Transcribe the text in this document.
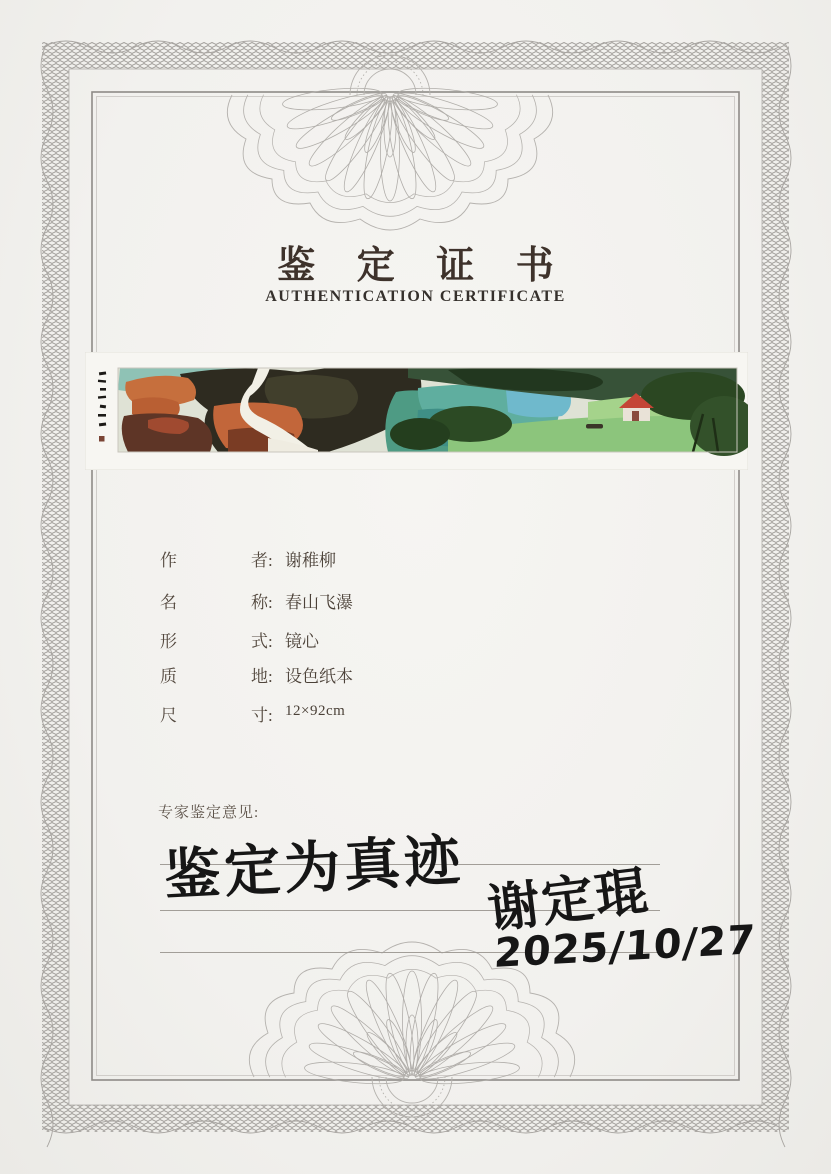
鉴 定 证 书
AUTHENTICATION CERTIFICATE
作	者: 谢稚柳
名	称: 春山飞瀑
形	式: 镜心
质	地: 设色纸本
尺	寸: 12×92cm
专家鉴定意见:
鉴定为真迹 谢定琨
2025/10/27
